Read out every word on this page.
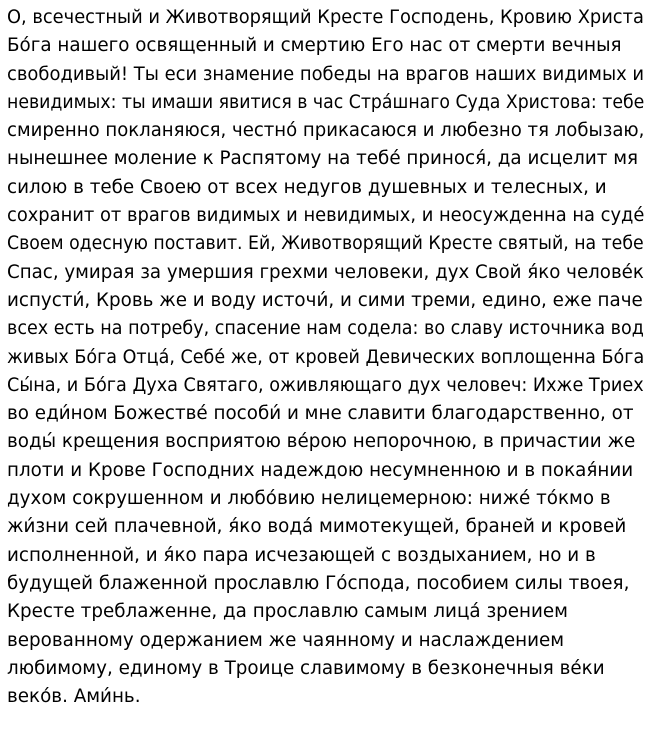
О, всечестный и Животворящий Кресте Господень, Кровию Христа
Бо́га нашего освященный и смертию Его нас от смерти вечныя
свободивый! Ты еси знамение победы на врагов наших видимых и
невидимых: ты имаши явитися в час Стра́шнаго Суда Христова: тебе
смиренно покланяюся, честно́ прикасаюся и любезно тя лобызаю,
нынешнее моление к Распятому на тебе́ принося́, да исцелит мя
силою в тебе Своею от всех недугов душевных и телесных, и
сохранит от врагов видимых и невидимых, и неосужденна на суде́
Своем одесную поставит. Ей, Животворящий Кресте святый, на тебе
Спас, умирая за умершия грехми человеки, дух Свой я́ко челове́к
испусти́, Кровь же и воду источи́, и сими треми, едино, еже паче
всех есть на потребу, спасение нам содела: во славу источника вод
живых Бо́га Отца́, Себе́ же, от кровей Девических воплощенна Бо́га
Сы́на, и Бо́га Духа Святаго, оживляющаго дух человеч: Ихже Триех
во еди́ном Божестве́ пособи́ и мне славити благодарственно, от
воды́ крещения восприятою ве́рою непорочною, в причастии же
плоти и Крове Господних надеждою несумненною и в покая́нии
духом сокрушенном и любо́вию нелицемерною: ниже́ то́кмо в
жи́зни сей плачевной, я́ко вода́ мимотекущей, браней и кровей
исполненной, и я́ко пара исчезающей с воздыханием, но и в
будущей блаженной прославлю Го́спода, пособием силы твоея,
Кресте треблаженне, да прославлю самым лица́ зрением
верованному одержанием же чаянному и наслаждением
любимому, единому в Троице славимому в безконечныя ве́ки
веко́в. Ами́нь.
